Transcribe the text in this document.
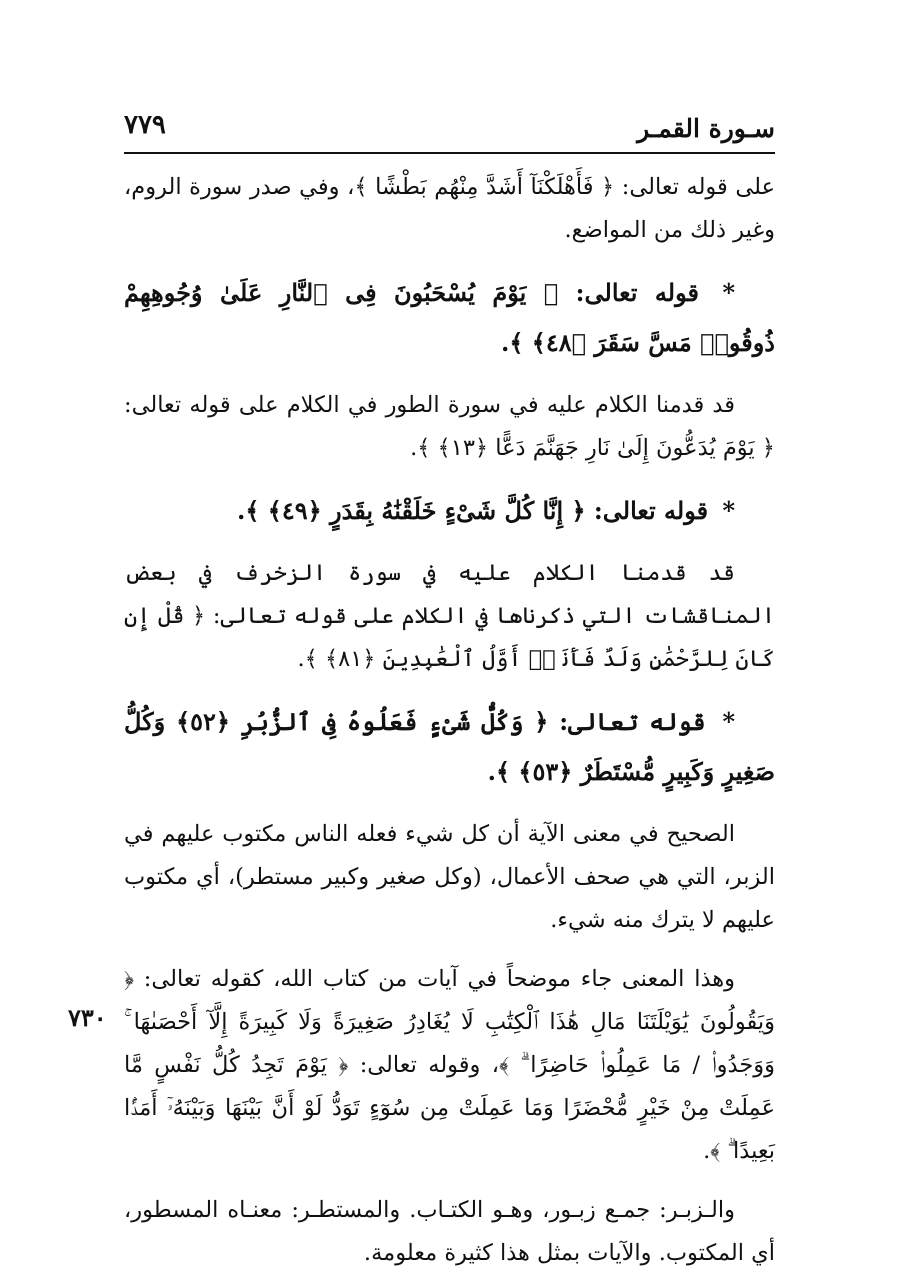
سـورة القمـر
٧٧٩

على قوله تعالى: ﴿ فَأَهْلَكْنَآ أَشَدَّ مِنْهُم بَطْشًا ﴾، وفي صدر سورة الروم، وغير ذلك من المواضع.

* قوله تعالى: ﴿ يَوْمَ يُسْحَبُونَ فِى ٱلنَّارِ عَلَىٰ وُجُوهِهِمْ ذُوقُوا۟ مَسَّ سَقَرَ ﴿٤٨﴾ ﴾.

قد قدمنا الكلام عليه في سورة الطور في الكلام على قوله تعالى: ﴿ يَوْمَ يُدَعُّونَ إِلَىٰ نَارِ جَهَنَّمَ دَعًّا ﴿١٣﴾ ﴾.

* قوله تعالى: ﴿ إِنَّا كُلَّ شَىْءٍ خَلَقْنَٰهُ بِقَدَرٍ ﴿٤٩﴾ ﴾.

قد قدمنا الكلام عليه في سورة الزخرف في بعض المناقشات التي ذكرناها في الكلام على قوله تعالى: ﴿ قُلْ إِن كَانَ لِلرَّحْمَٰنِ وَلَدٌ فَأَنَا۠ أَوَّلُ ٱلْعَٰبِدِينَ ﴿٨١﴾ ﴾.

* قوله تعالى: ﴿ وَكُلُّ شَىْءٍ فَعَلُوهُ فِى ٱلزُّبُرِ ﴿٥٢﴾ وَكُلُّ صَغِيرٍ وَكَبِيرٍ مُّسْتَطَرٌ ﴿٥٣﴾ ﴾.

الصحيح في معنى الآية أن كل شيء فعله الناس مكتوب عليهم في الزبر، التي هي صحف الأعمال، (وكل صغير وكبير مستطر)، أي مكتوب عليهم لا يترك منه شيء.

وهذا المعنى جاء موضحاً في آيات من كتاب الله، كقوله تعالى: ﴿ وَيَقُولُونَ يَٰوَيْلَتَنَا مَالِ هَٰذَا ٱلْكِتَٰبِ لَا يُغَادِرُ صَغِيرَةً وَلَا كَبِيرَةً إِلَّآ أَحْصَىٰهَا ۚ وَوَجَدُوا۟ / مَا عَمِلُوا۟ حَاضِرًا ۗ ﴾، وقوله تعالى: ﴿ يَوْمَ تَجِدُ كُلُّ نَفْسٍ مَّا عَمِلَتْ مِنْ خَيْرٍ مُّحْضَرًا وَمَا عَمِلَتْ مِن سُوٓءٍ تَوَدُّ لَوْ أَنَّ بَيْنَهَا وَبَيْنَهُۥٓ أَمَدًۢا بَعِيدًا ۗ ﴾.

والـزبـر: جمـع زبـور، وهـو الكتـاب. والمستطـر: معنـاه المسطور، أي المكتوب. والآيات بمثل هذا كثيرة معلومة.

٧٣٠
